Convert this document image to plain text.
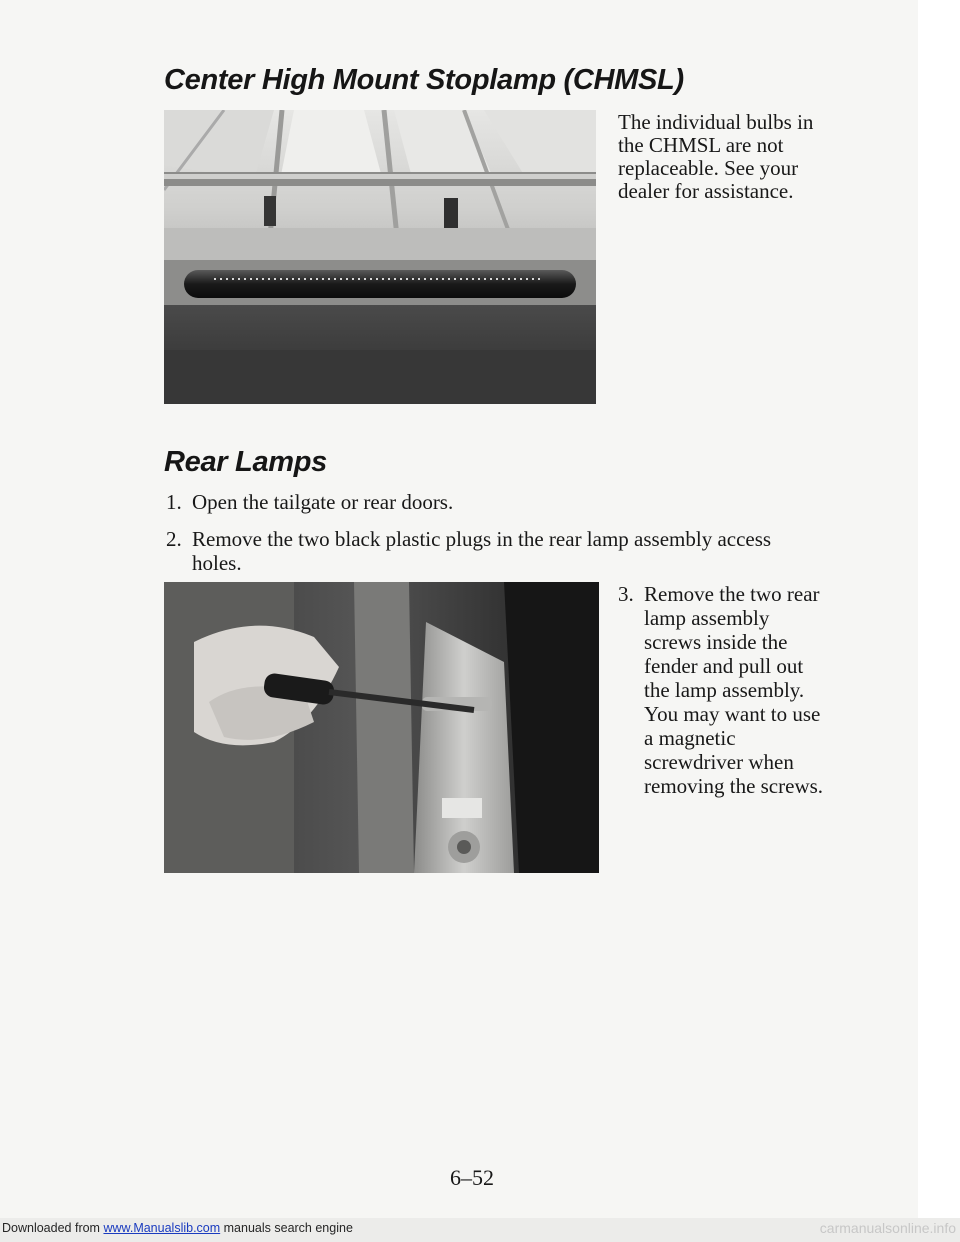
Center High Mount Stoplamp (CHMSL)

The individual bulbs in the CHMSL are not replaceable. See your dealer for assistance.

Rear Lamps
1. Open the tailgate or rear doors.
2. Remove the two black plastic plugs in the rear lamp assembly access holes.
3. Remove the two rear lamp assembly screws inside the fender and pull out the lamp assembly. You may want to use a magnetic screwdriver when removing the screws.

6–52

Downloaded from www.Manualslib.com manuals search engine	carmanualsonline.info
